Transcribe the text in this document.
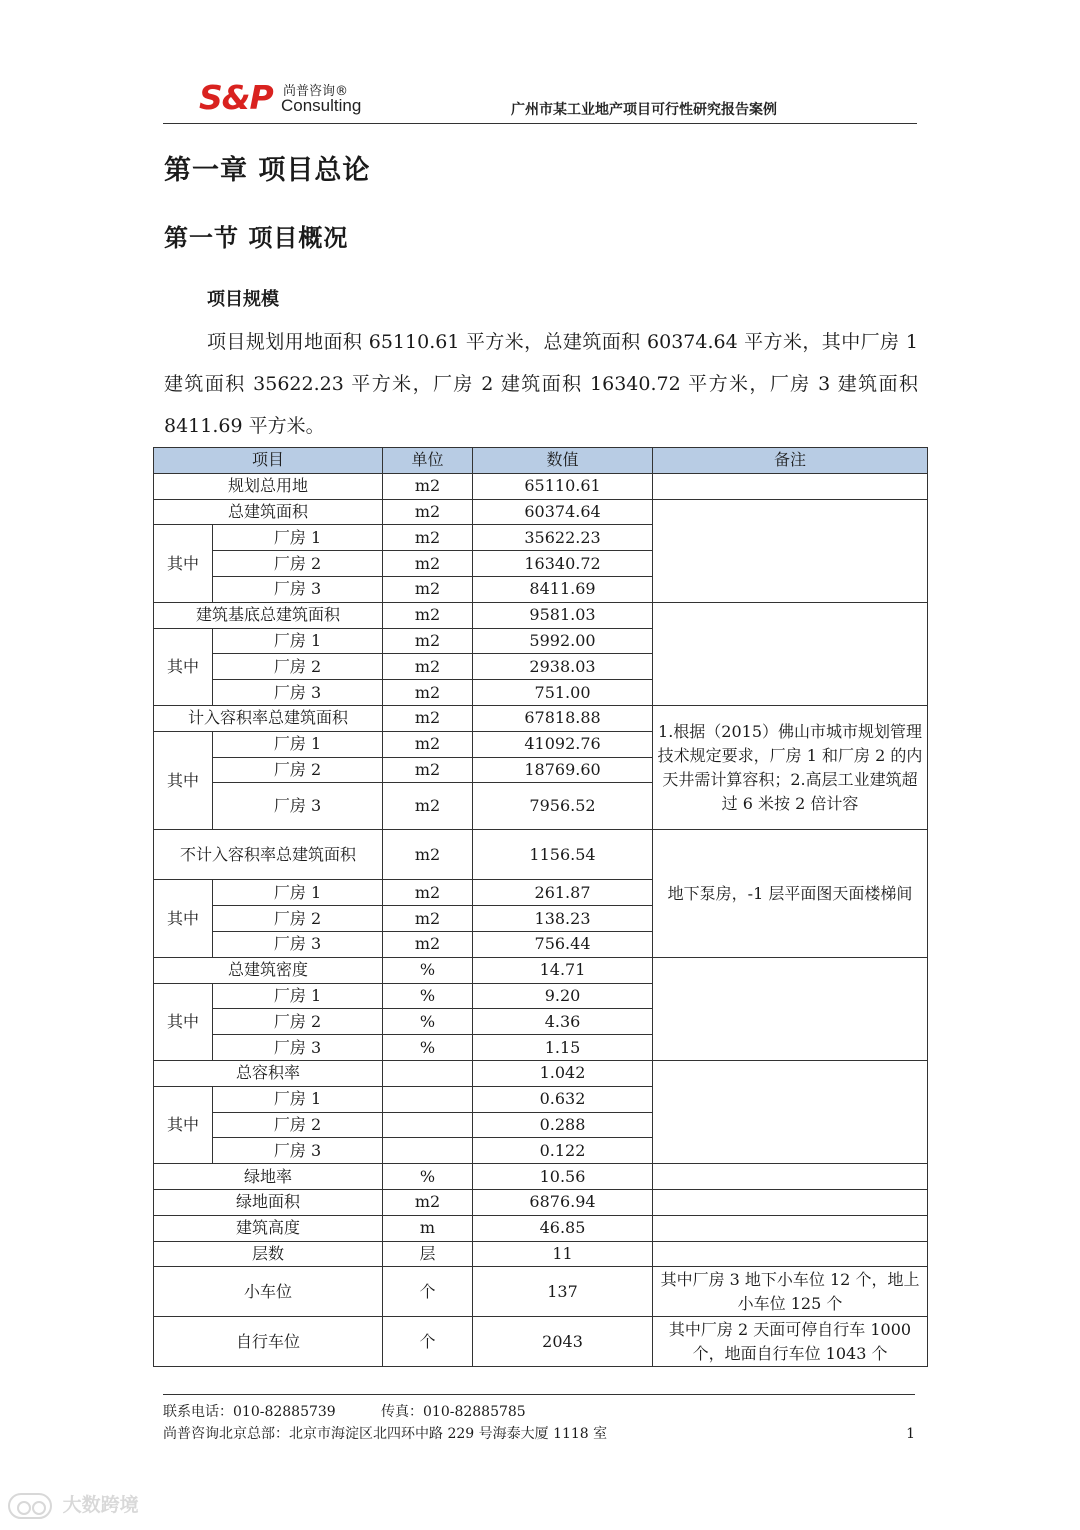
S&P 尚普咨询®
Consulting	广州市某工业地产项目可行性研究报告案例
第一章 项目总论
第一节 项目概况
项目规模

项目规划用地面积 65110.61 平方米，总建筑面积 60374.64 平方米，其中厂房 1 建筑面积 35622.23 平方米，厂房 2 建筑面积 16340.72 平方米，厂房 3 建筑面积 8411.69 平方米。

项目		单位	数值	备注
规划总用地		m2	65110.61	
总建筑面积		m2	60374.64	
其中	厂房 1	m2	35622.23	
	厂房 2	m2	16340.72	
	厂房 3	m2	8411.69	
建筑基底总建筑面积		m2	9581.03	
其中	厂房 1	m2	5992.00	
	厂房 2	m2	2938.03	
	厂房 3	m2	751.00	
计入容积率总建筑面积		m2	67818.88	1.根据（2015）佛山市城市规划管理技术规定要求，厂房 1 和厂房 2 的内天井需计算容积；2.高层工业建筑超过 6 米按 2 倍计容
其中	厂房 1	m2	41092.76	
	厂房 2	m2	18769.60	
	厂房 3	m2	7956.52	
不计入容积率总建筑面积		m2	1156.54	地下泵房，-1 层平面图天面楼梯间
其中	厂房 1	m2	261.87	
	厂房 2	m2	138.23	
	厂房 3	m2	756.44	
总建筑密度		%	14.71	
其中	厂房 1	%	9.20	
	厂房 2	%	4.36	
	厂房 3	%	1.15	
总容积率			1.042	
其中	厂房 1		0.632	
	厂房 2		0.288	
	厂房 3		0.122	
绿地率		%	10.56	
绿地面积		m2	6876.94	
建筑高度		m	46.85	
层数		层	11	
小车位		个	137	其中厂房 3 地下小车位 12 个，地上小车位 125 个
自行车位		个	2043	其中厂房 2 天面可停自行车 1000 个，地面自行车位 1043 个
联系电话：010-82885739	传真：010-82885785
尚普咨询北京总部：北京市海淀区北四环中路 229 号海泰大厦 1118 室	1
大数跨境
